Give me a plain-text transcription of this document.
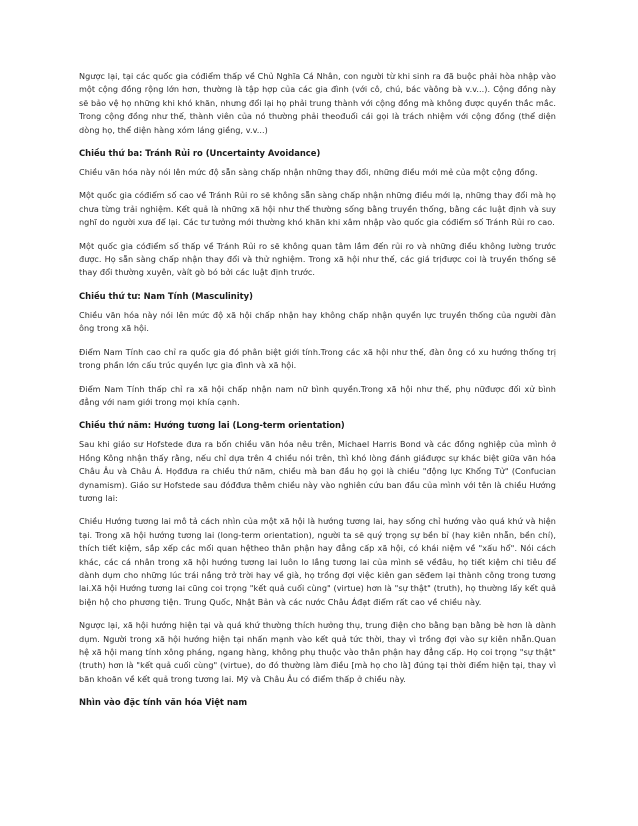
Ngược lại, tại các quốc gia cóđiểm thấp về Chủ Nghĩa Cá Nhân, con người từ khi sinh ra đã buộc phải hòa nhập vào một cộng đồng rộng lớn hơn, thường là tập hợp của các gia đình (với cô, chú, bác vàông bà v.v...). Cộng đồng này sẽ bảo vệ họ những khi khó khăn, nhưng đổi lại họ phải trung thành với cộng đồng mà không được quyền thắc mắc. Trong cộng đồng như thế, thành viên của nó thường phải theođuổi cái gọi là trách nhiệm với cộng đồng (thể diện dòng họ, thể diện hàng xóm láng giềng, v.v...)

Chiều thứ ba: Tránh Rủi ro (Uncertainty Avoidance)

Chiều văn hóa này nói lên mức độ sẵn sàng chấp nhận những thay đổi, những điều mới mẻ của một cộng đồng.

Một quốc gia cóđiểm số cao về Tránh Rủi ro sẽ không sẵn sàng chấp nhận những điều mới lạ, những thay đổi mà họ chưa từng trải nghiệm. Kết quả là những xã hội như thế thường sống bằng truyền thống, bằng các luật định và suy nghĩ do người xưa để lại. Các tư tưởng mới thường khó khăn khi xâm nhập vào quốc gia cóđiểm số Tránh Rủi ro cao.

Một quốc gia cóđiểm số thấp về Tránh Rủi ro sẽ không quan tâm lắm đến rủi ro và những điều không lường trước được. Họ sẵn sàng chấp nhận thay đổi và thử nghiệm. Trong xã hội như thế, các giá trịđược coi là truyền thống sẽ thay đổi thường xuyên, vàít gò bó bởi các luật định trước.

Chiều thứ tư: Nam Tính (Masculinity)

Chiều văn hóa này nói lên mức độ xã hội chấp nhận hay không chấp nhận quyền lực truyền thống của người đàn ông trong xã hội.

Điểm Nam Tính cao chỉ ra quốc gia đó phân biệt giới tính.Trong các xã hội như thế, đàn ông có xu hướng thống trị trong phần lớn cấu trúc quyền lực gia đình và xã hội.

Điểm Nam Tính thấp chỉ ra xã hội chấp nhận nam nữ bình quyền.Trong xã hội như thế, phụ nữđược đối xử bình đẳng với nam giới trong mọi khía cạnh.

Chiều thứ năm: Hướng tương lai (Long-term orientation)

Sau khi giáo sư Hofstede đưa ra bốn chiều văn hóa nêu trên, Michael Harris Bond và các đồng nghiệp của mình ở Hồng Kông nhận thấy rằng, nếu chỉ dựa trên 4 chiều nói trên, thì khó lòng đánh giáđược sự khác biệt giữa văn hóa Châu Âu và Châu Á. Họđđưa ra chiều thứ năm, chiều mà ban đầu họ gọi là chiều "động lực Khổng Tử" (Confucian dynamism). Giáo sư Hofstede sau đóđđưa thêm chiều này vào nghiên cứu ban đầu của mình với tên là chiều Hướng tương lai:

Chiều Hướng tương lai mô tả cách nhìn của một xã hội là hướng tương lai, hay sống chỉ hướng vào quá khứ và hiện tại. Trong xã hội hướng tương lai (long-term orientation), người ta sẽ quý trọng sự bền bỉ (hay kiên nhẫn, bền chí), thích tiết kiệm, sắp xếp các mối quan hệtheo thân phận hay đẳng cấp xã hội, có khái niệm về "xấu hổ". Nói cách khác, các cá nhân trong xã hội hướng tương lai luôn lo lắng tương lai của mình sẽ vềđâu, họ tiết kiệm chi tiêu để dành dụm cho những lúc trái nắng trở trời hay về già, họ trồng đợi việc kiên gan sẽđem lại thành công trong tương lai.Xã hội Hướng tương lai cũng coi trọng "kết quả cuối cùng" (virtue) hơn là "sự thật" (truth), họ thường lấy kết quả biện hộ cho phương tiện. Trung Quốc, Nhật Bản và các nước Châu Áđạt điểm rất cao về chiều này.

Ngược lại, xã hội hướng hiện tại và quá khứ thường thích hưởng thụ, trung điện cho bằng bạn bằng bè hơn là dành dụm. Người trong xã hội hướng hiện tại nhấn mạnh vào kết quả tức thời, thay vì trồng đợi vào sự kiên nhẫn.Quan hệ xã hội mang tính xông pháng, ngang hàng, không phụ thuộc vào thân phận hay đẳng cấp. Họ coi trọng "sự thật" (truth) hơn là "kết quả cuối cùng" (virtue), do đó thường làm điều [mà họ cho là] đúng tại thời điểm hiện tại, thay vì băn khoăn về kết quả trong tương lai. Mỹ và Châu Âu có điểm thấp ở chiều này.

Nhìn vào đặc tính văn hóa Việt nam
